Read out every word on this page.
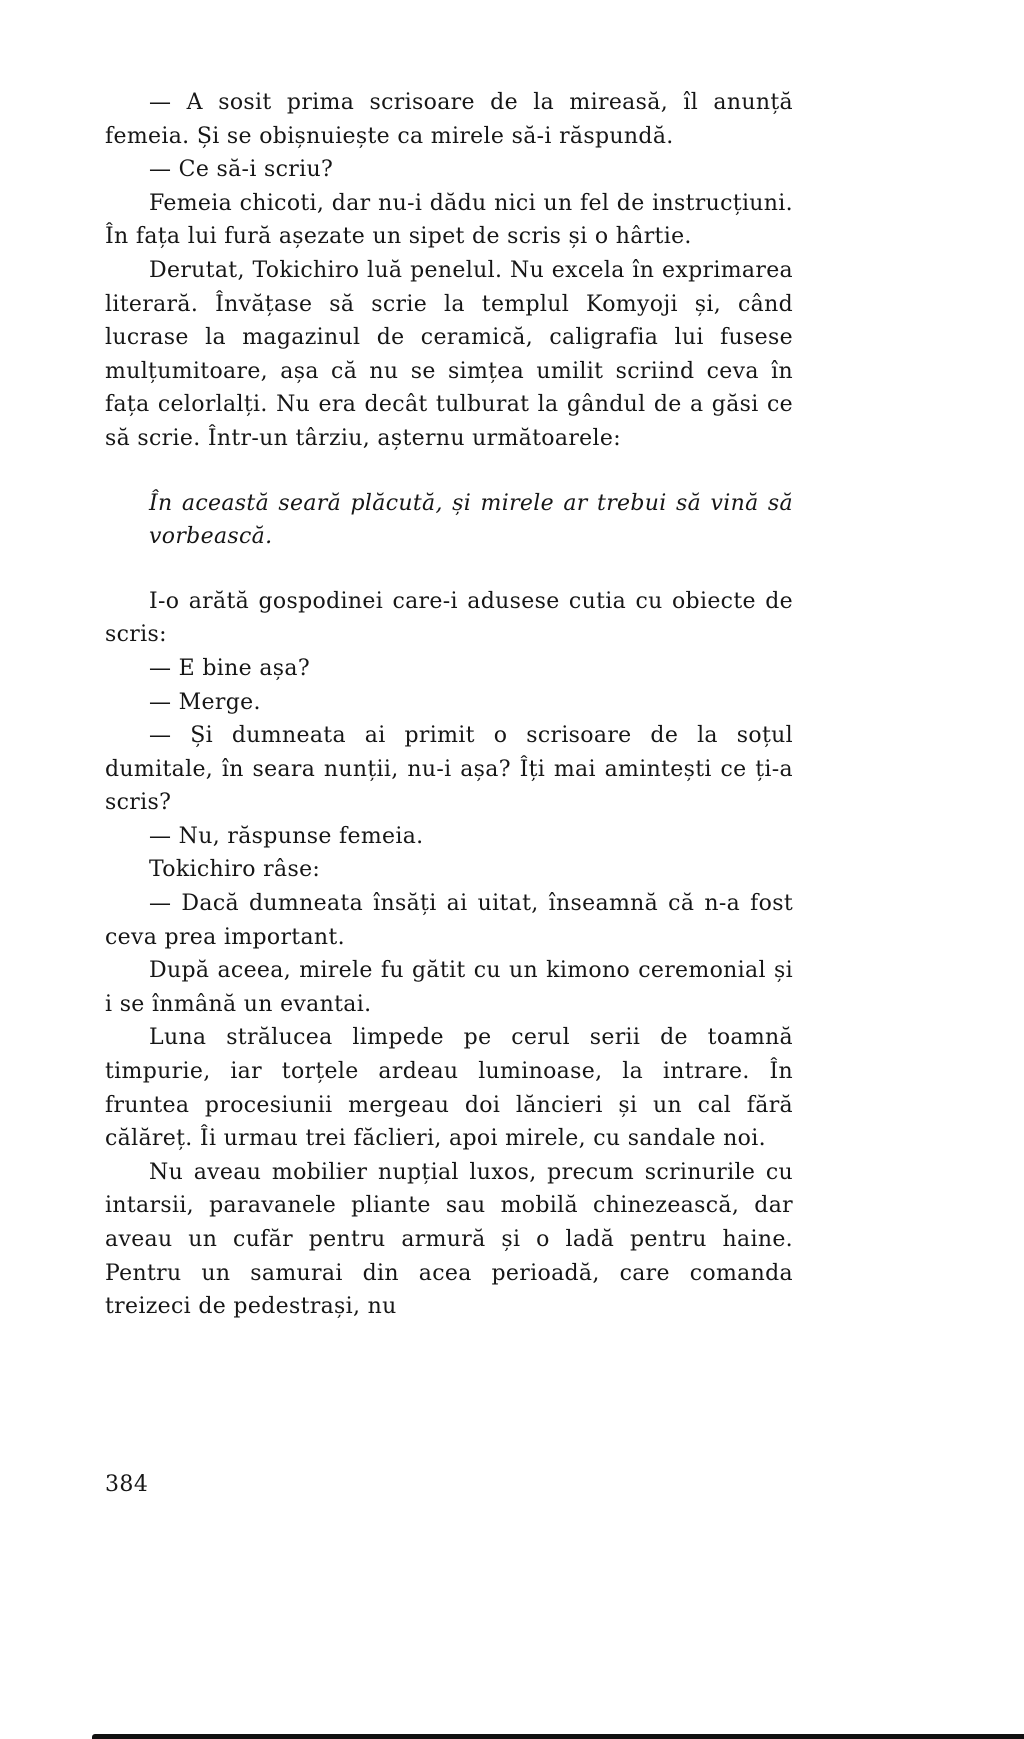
— A sosit prima scrisoare de la mireasă, îl anunță femeia. Și se obișnuiește ca mirele să-i răspundă.

— Ce să-i scriu?

Femeia chicoti, dar nu-i dădu nici un fel de instrucțiuni. În fața lui fură așezate un sipet de scris și o hârtie.

Derutat, Tokichiro luă penelul. Nu excela în exprimarea literară. Învățase să scrie la templul Komyoji și, când lucrase la magazinul de ceramică, caligrafia lui fusese mulțumitoare, așa că nu se simțea umilit scriind ceva în fața celorlalți. Nu era decât tulburat la gândul de a găsi ce să scrie. Într-un târziu, așternu următoarele:

În această seară plăcută, și mirele ar trebui să vină să vorbească.

I-o arătă gospodinei care-i adusese cutia cu obiecte de scris:

— E bine așa?

— Merge.

— Și dumneata ai primit o scrisoare de la soțul dumitale, în seara nunții, nu-i așa? Îți mai amintești ce ți-a scris?

— Nu, răspunse femeia.

Tokichiro râse:

— Dacă dumneata însăți ai uitat, înseamnă că n-a fost ceva prea important.

După aceea, mirele fu gătit cu un kimono ceremonial și i se înmână un evantai.

Luna strălucea limpede pe cerul serii de toamnă timpurie, iar torțele ardeau luminoase, la intrare. În fruntea procesiunii mergeau doi lăncieri și un cal fără călăreț. Îi urmau trei făclieri, apoi mirele, cu sandale noi.

Nu aveau mobilier nupțial luxos, precum scrinurile cu intarsii, paravanele pliante sau mobilă chinezească, dar aveau un cufăr pentru armură și o ladă pentru haine. Pentru un samurai din acea perioadă, care comanda treizeci de pedestrași, nu

384
